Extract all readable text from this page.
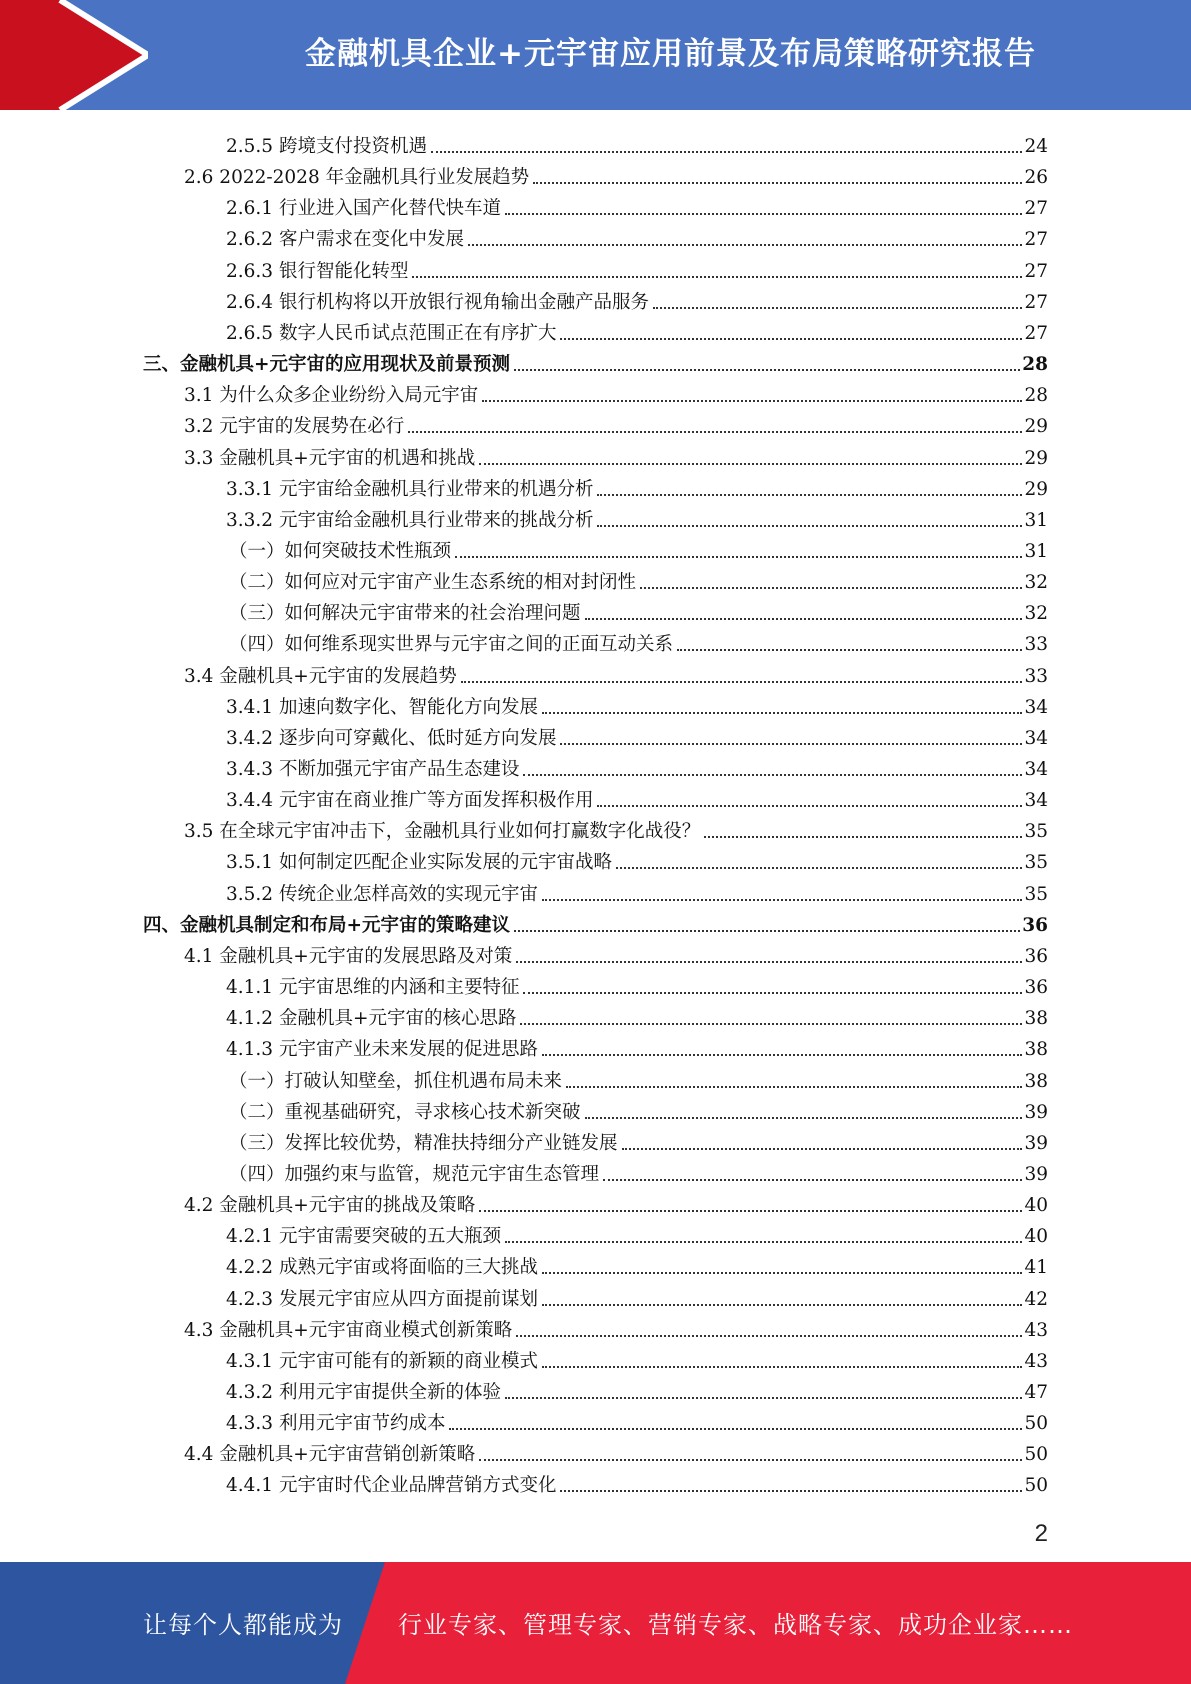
金融机具企业+元宇宙应用前景及布局策略研究报告
2.5.5 跨境支付投资机遇	24
2.6 2022-2028 年金融机具行业发展趋势	26
2.6.1 行业进入国产化替代快车道	27
2.6.2 客户需求在变化中发展	27
2.6.3 银行智能化转型	27
2.6.4 银行机构将以开放银行视角输出金融产品服务	27
2.6.5 数字人民币试点范围正在有序扩大	27
三、金融机具+元宇宙的应用现状及前景预测	28
3.1 为什么众多企业纷纷入局元宇宙	28
3.2 元宇宙的发展势在必行	29
3.3 金融机具+元宇宙的机遇和挑战	29
3.3.1 元宇宙给金融机具行业带来的机遇分析	29
3.3.2 元宇宙给金融机具行业带来的挑战分析	31
（一）如何突破技术性瓶颈	31
（二）如何应对元宇宙产业生态系统的相对封闭性	32
（三）如何解决元宇宙带来的社会治理问题	32
（四）如何维系现实世界与元宇宙之间的正面互动关系	33
3.4 金融机具+元宇宙的发展趋势	33
3.4.1 加速向数字化、智能化方向发展	34
3.4.2 逐步向可穿戴化、低时延方向发展	34
3.4.3 不断加强元宇宙产品生态建设	34
3.4.4 元宇宙在商业推广等方面发挥积极作用	34
3.5 在全球元宇宙冲击下，金融机具行业如何打赢数字化战役？	35
3.5.1 如何制定匹配企业实际发展的元宇宙战略	35
3.5.2 传统企业怎样高效的实现元宇宙	35
四、金融机具制定和布局+元宇宙的策略建议	36
4.1 金融机具+元宇宙的发展思路及对策	36
4.1.1 元宇宙思维的内涵和主要特征	36
4.1.2 金融机具+元宇宙的核心思路	38
4.1.3 元宇宙产业未来发展的促进思路	38
（一）打破认知壁垒，抓住机遇布局未来	38
（二）重视基础研究，寻求核心技术新突破	39
（三）发挥比较优势，精准扶持细分产业链发展	39
（四）加强约束与监管，规范元宇宙生态管理	39
4.2 金融机具+元宇宙的挑战及策略	40
4.2.1 元宇宙需要突破的五大瓶颈	40
4.2.2 成熟元宇宙或将面临的三大挑战	41
4.2.3 发展元宇宙应从四方面提前谋划	42
4.3 金融机具+元宇宙商业模式创新策略	43
4.3.1 元宇宙可能有的新颖的商业模式	43
4.3.2 利用元宇宙提供全新的体验	47
4.3.3 利用元宇宙节约成本	50
4.4 金融机具+元宇宙营销创新策略	50
4.4.1 元宇宙时代企业品牌营销方式变化	50
2
让每个人都能成为 行业专家、管理专家、营销专家、战略专家、成功企业家……
